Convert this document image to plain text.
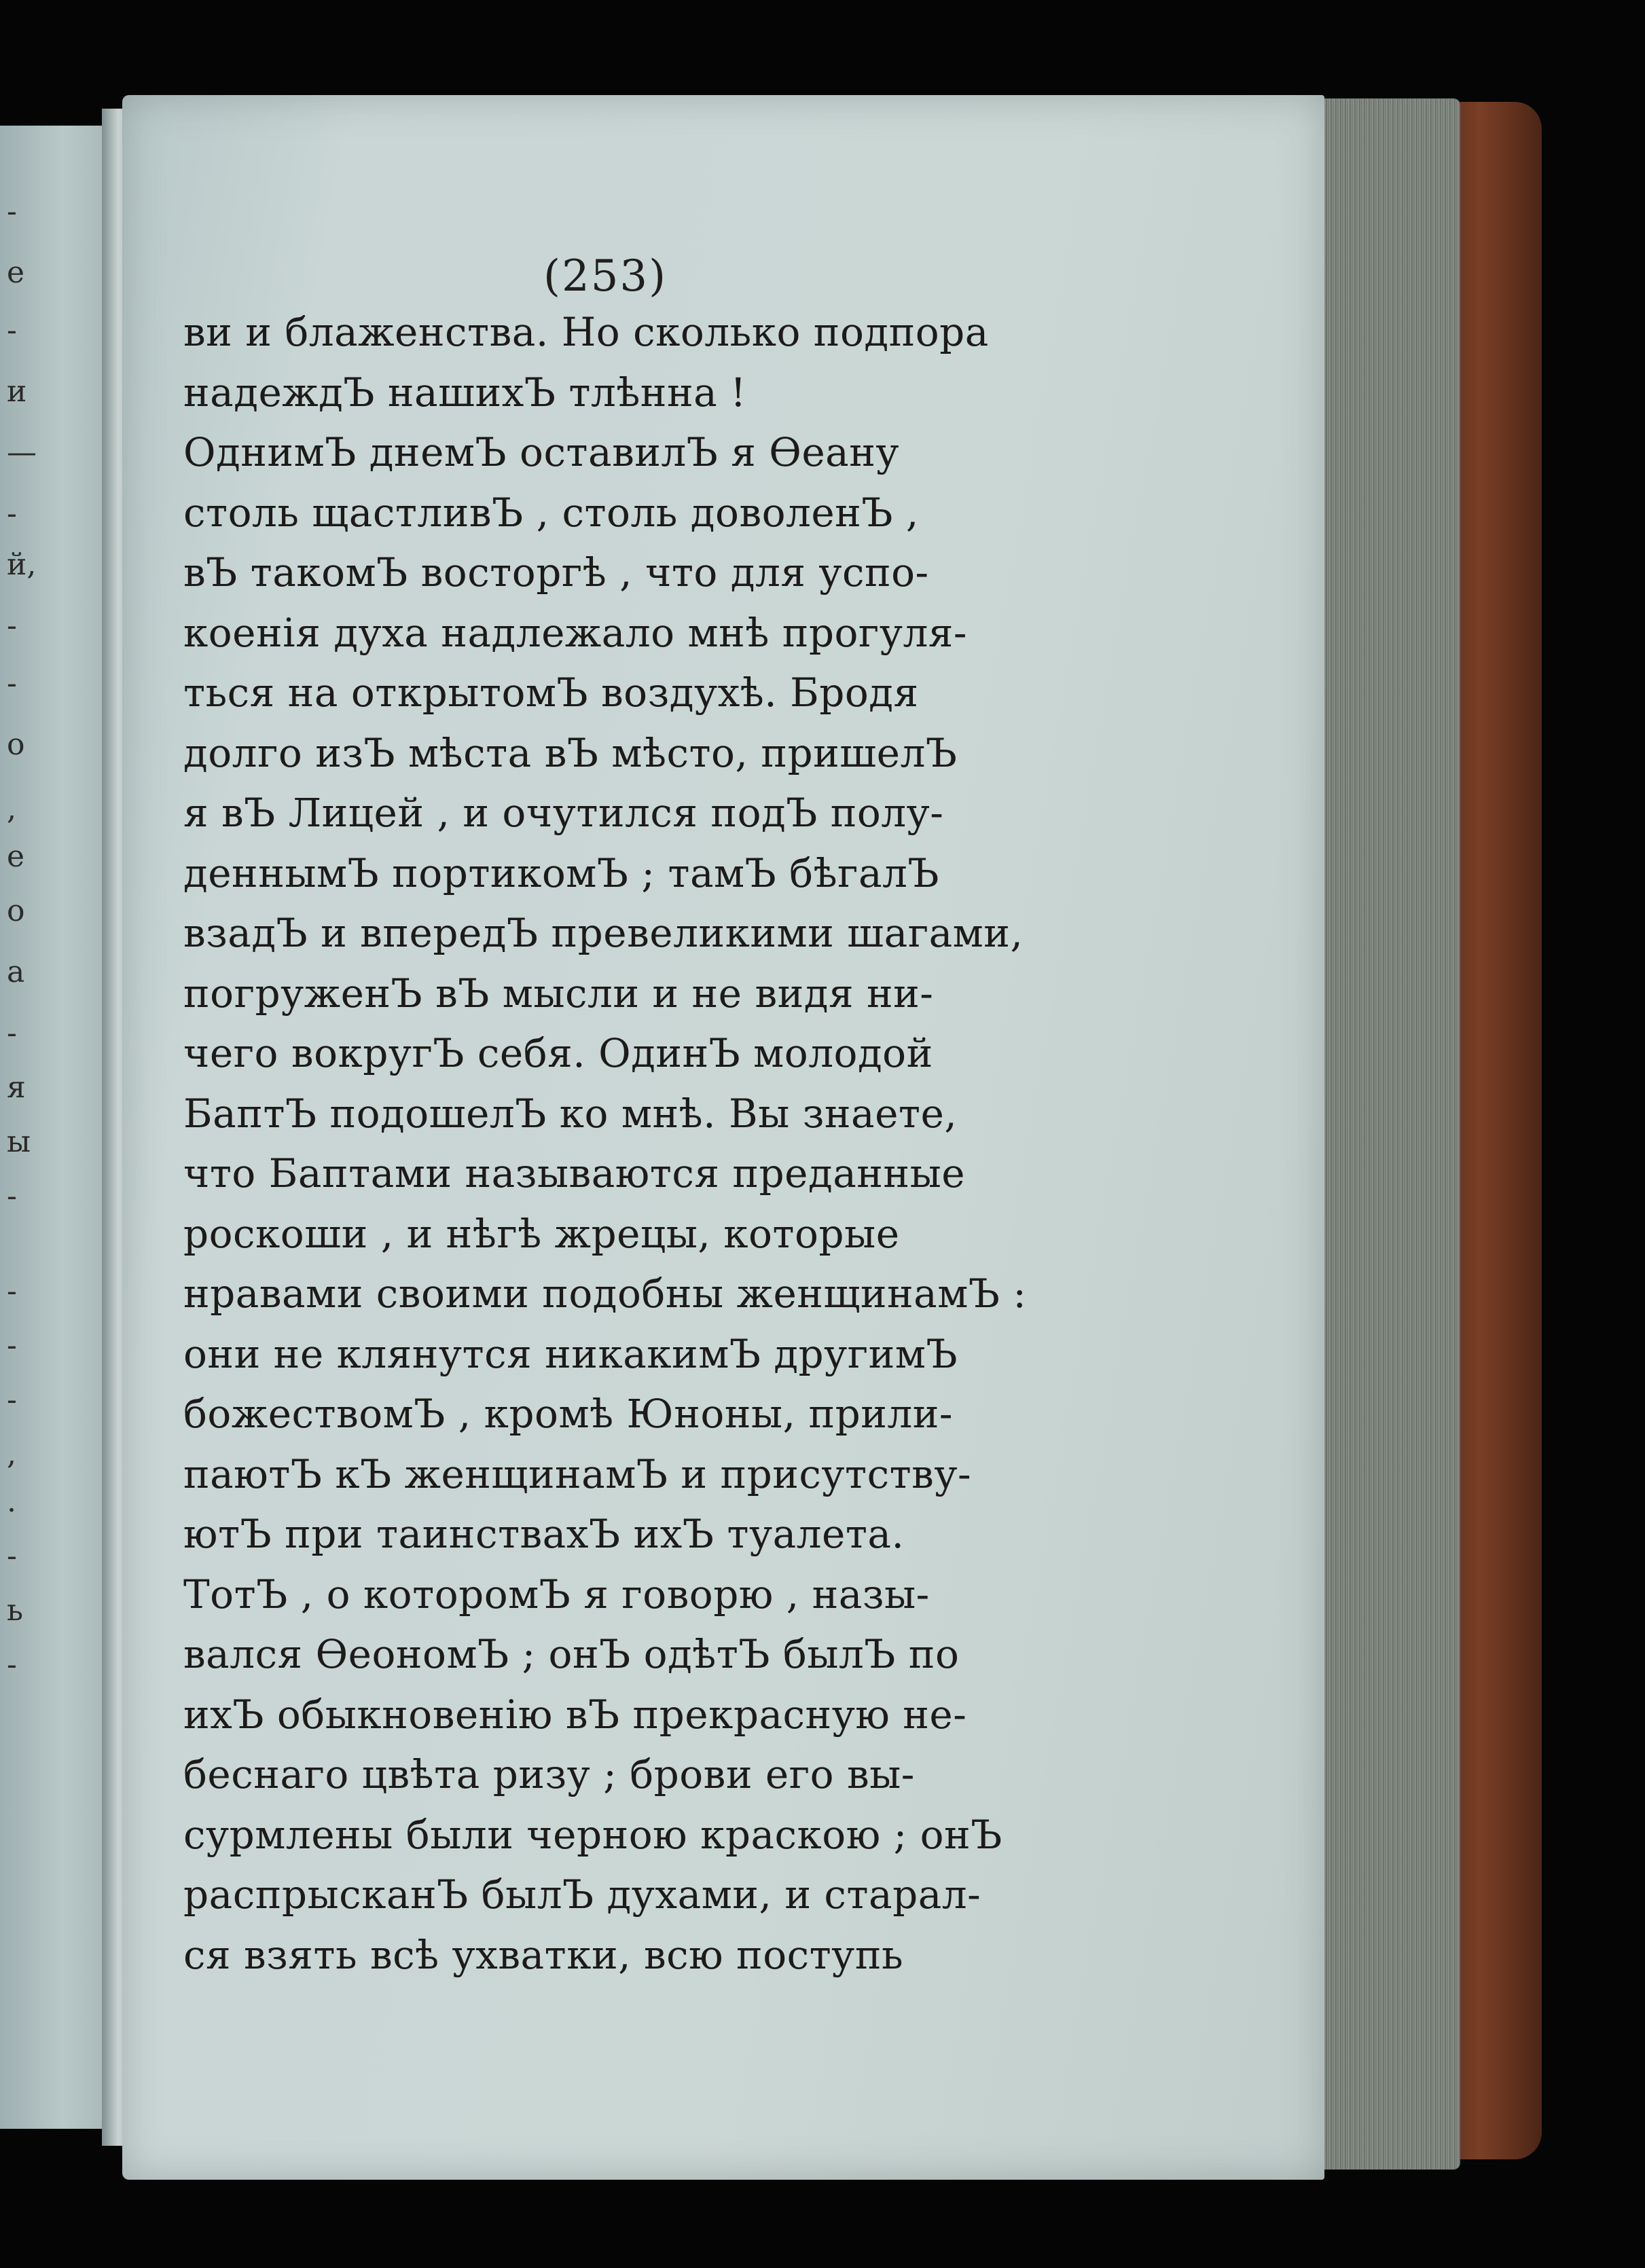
-
e
-
и
—
-
й,
-
-
о
,
е
о
а
-
я
ы
-
-
-
-
,
.
-
ь
-
(253)
ви и блаженства. Но сколько подпора
надеждЪ нашихЪ тлѣнна !
ОднимЪ днемЪ оставилЪ я Ѳеану
столь щастливЪ , столь доволенЪ ,
вЪ такомЪ восторгѣ , что для успо-
коенія духа надлежало мнѣ прогуля-
ться на открытомЪ воздухѣ. Бродя
долго изЪ мѣста вЪ мѣсто, пришелЪ
я вЪ Лицей , и очутился подЪ полу-
деннымЪ портикомЪ ; тамЪ бѣгалЪ
взадЪ и впередЪ превеликими шагами,
погруженЪ вЪ мысли и не видя ни-
чего вокругЪ себя. ОдинЪ молодой
БаптЪ подошелЪ ко мнѣ. Вы знаете,
что Баптами называются преданные
роскоши , и нѣгѣ жрецы, которые
нравами своими подобны женщинамЪ :
они не клянутся никакимЪ другимЪ
божествомЪ , кромѣ Юноны, прили-
паютЪ кЪ женщинамЪ и присутству-
ютЪ при таинствахЪ ихЪ туалета.
ТотЪ , о которомЪ я говорю , назы-
вался ѲеономЪ ; онЪ одѣтЪ былЪ по
ихЪ обыкновенію вЪ прекрасную не-
беснаго цвѣта ризу ; брови его вы-
сурмлены были черною краскою ; онЪ
распрысканЪ былЪ духами, и старал-
ся взять всѣ ухватки, всю поступь
